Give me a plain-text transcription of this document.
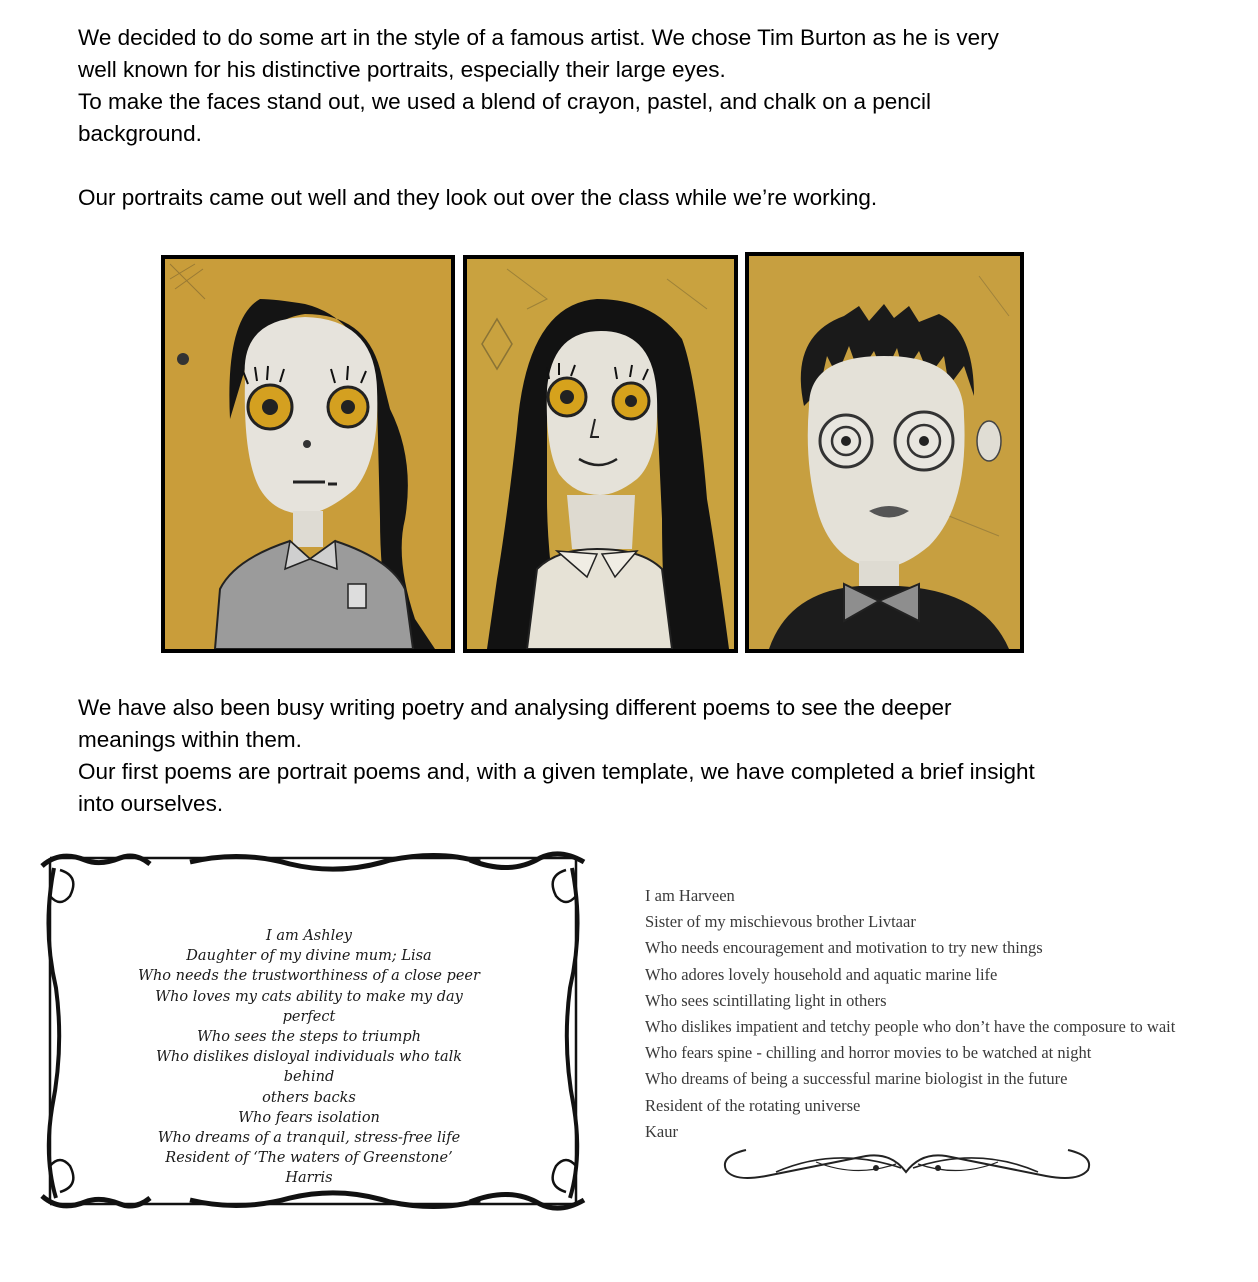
We decided to do some art in the style of a famous artist. We chose Tim Burton as he is very
well known for his distinctive portraits, especially their large eyes.
To make the faces stand out, we used a blend of crayon, pastel, and chalk on a pencil
background.

Our portraits came out well and they look out over the class while we’re working.
We have also been busy writing poetry and analysing different poems to see the deeper
meanings within them.
Our first poems are portrait poems and, with a given template, we have completed a brief insight
into ourselves.
I am Ashley
Daughter of my divine mum; Lisa
Who needs the trustworthiness of a close peer
Who loves my cats ability to make my day perfect
Who sees the steps to triumph
Who dislikes disloyal individuals who talk behind
others backs
Who fears isolation
Who dreams of a tranquil, stress-free life
Resident of ‘The waters of Greenstone’
Harris
I am Harveen
Sister of my mischievous brother Livtaar
Who needs encouragement and motivation to try new things
Who adores lovely household and aquatic marine life
Who sees scintillating light in others
Who dislikes impatient and tetchy people who don’t have the composure to wait
Who fears spine - chilling and horror movies to be watched at night
Who dreams of being a successful marine biologist in the future
Resident of the rotating universe
Kaur
